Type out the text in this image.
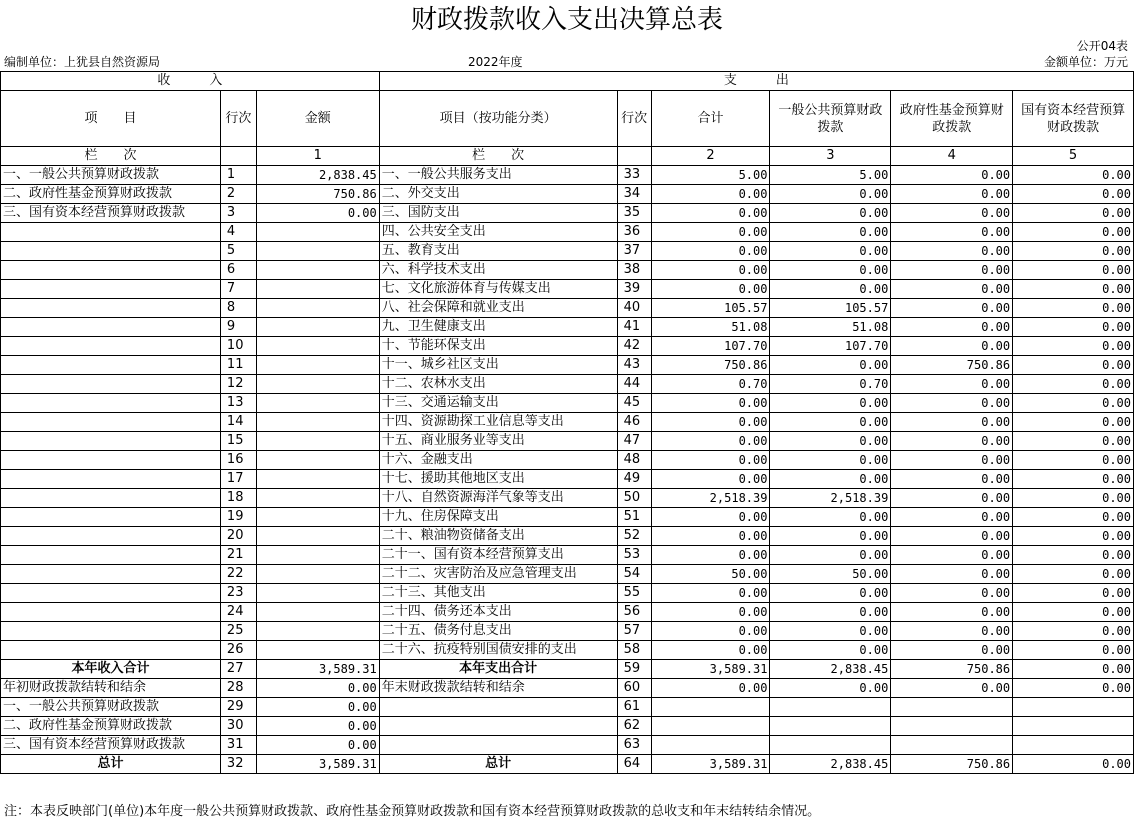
财政拨款收入支出决算总表
公开04表
编制单位：上犹县自然资源局	2022年度	金额单位：万元
收　　　入			支　　　出					
项　　目	行次	金额	项目（按功能分类）	行次	合计	一般公共预算财政拨款	政府性基金预算财政拨款	国有资本经营预算财政拨款
栏　　次		1	栏　　次		2	3	4	5
一、一般公共预算财政拨款	1	2,838.45	一、一般公共服务支出	33	5.00	5.00	0.00	0.00
二、政府性基金预算财政拨款	2	750.86	二、外交支出	34	0.00	0.00	0.00	0.00
三、国有资本经营预算财政拨款	3	0.00	三、国防支出	35	0.00	0.00	0.00	0.00
	4		四、公共安全支出	36	0.00	0.00	0.00	0.00
	5		五、教育支出	37	0.00	0.00	0.00	0.00
	6		六、科学技术支出	38	0.00	0.00	0.00	0.00
	7		七、文化旅游体育与传媒支出	39	0.00	0.00	0.00	0.00
	8		八、社会保障和就业支出	40	105.57	105.57	0.00	0.00
	9		九、卫生健康支出	41	51.08	51.08	0.00	0.00
	10		十、节能环保支出	42	107.70	107.70	0.00	0.00
	11		十一、城乡社区支出	43	750.86	0.00	750.86	0.00
	12		十二、农林水支出	44	0.70	0.70	0.00	0.00
	13		十三、交通运输支出	45	0.00	0.00	0.00	0.00
	14		十四、资源勘探工业信息等支出	46	0.00	0.00	0.00	0.00
	15		十五、商业服务业等支出	47	0.00	0.00	0.00	0.00
	16		十六、金融支出	48	0.00	0.00	0.00	0.00
	17		十七、援助其他地区支出	49	0.00	0.00	0.00	0.00
	18		十八、自然资源海洋气象等支出	50	2,518.39	2,518.39	0.00	0.00
	19		十九、住房保障支出	51	0.00	0.00	0.00	0.00
	20		二十、粮油物资储备支出	52	0.00	0.00	0.00	0.00
	21		二十一、国有资本经营预算支出	53	0.00	0.00	0.00	0.00
	22		二十二、灾害防治及应急管理支出	54	50.00	50.00	0.00	0.00
	23		二十三、其他支出	55	0.00	0.00	0.00	0.00
	24		二十四、债务还本支出	56	0.00	0.00	0.00	0.00
	25		二十五、债务付息支出	57	0.00	0.00	0.00	0.00
	26		二十六、抗疫特别国债安排的支出	58	0.00	0.00	0.00	0.00
本年收入合计	27	3,589.31	本年支出合计	59	3,589.31	2,838.45	750.86	0.00
年初财政拨款结转和结余	28	0.00	年末财政拨款结转和结余	60	0.00	0.00	0.00	0.00
一、一般公共预算财政拨款	29	0.00		61				
二、政府性基金预算财政拨款	30	0.00		62				
三、国有资本经营预算财政拨款	31	0.00		63				
总计	32	3,589.31	总计	64	3,589.31	2,838.45	750.86	0.00
注：本表反映部门(单位)本年度一般公共预算财政拨款、政府性基金预算财政拨款和国有资本经营预算财政拨款的总收支和年末结转结余情况。
